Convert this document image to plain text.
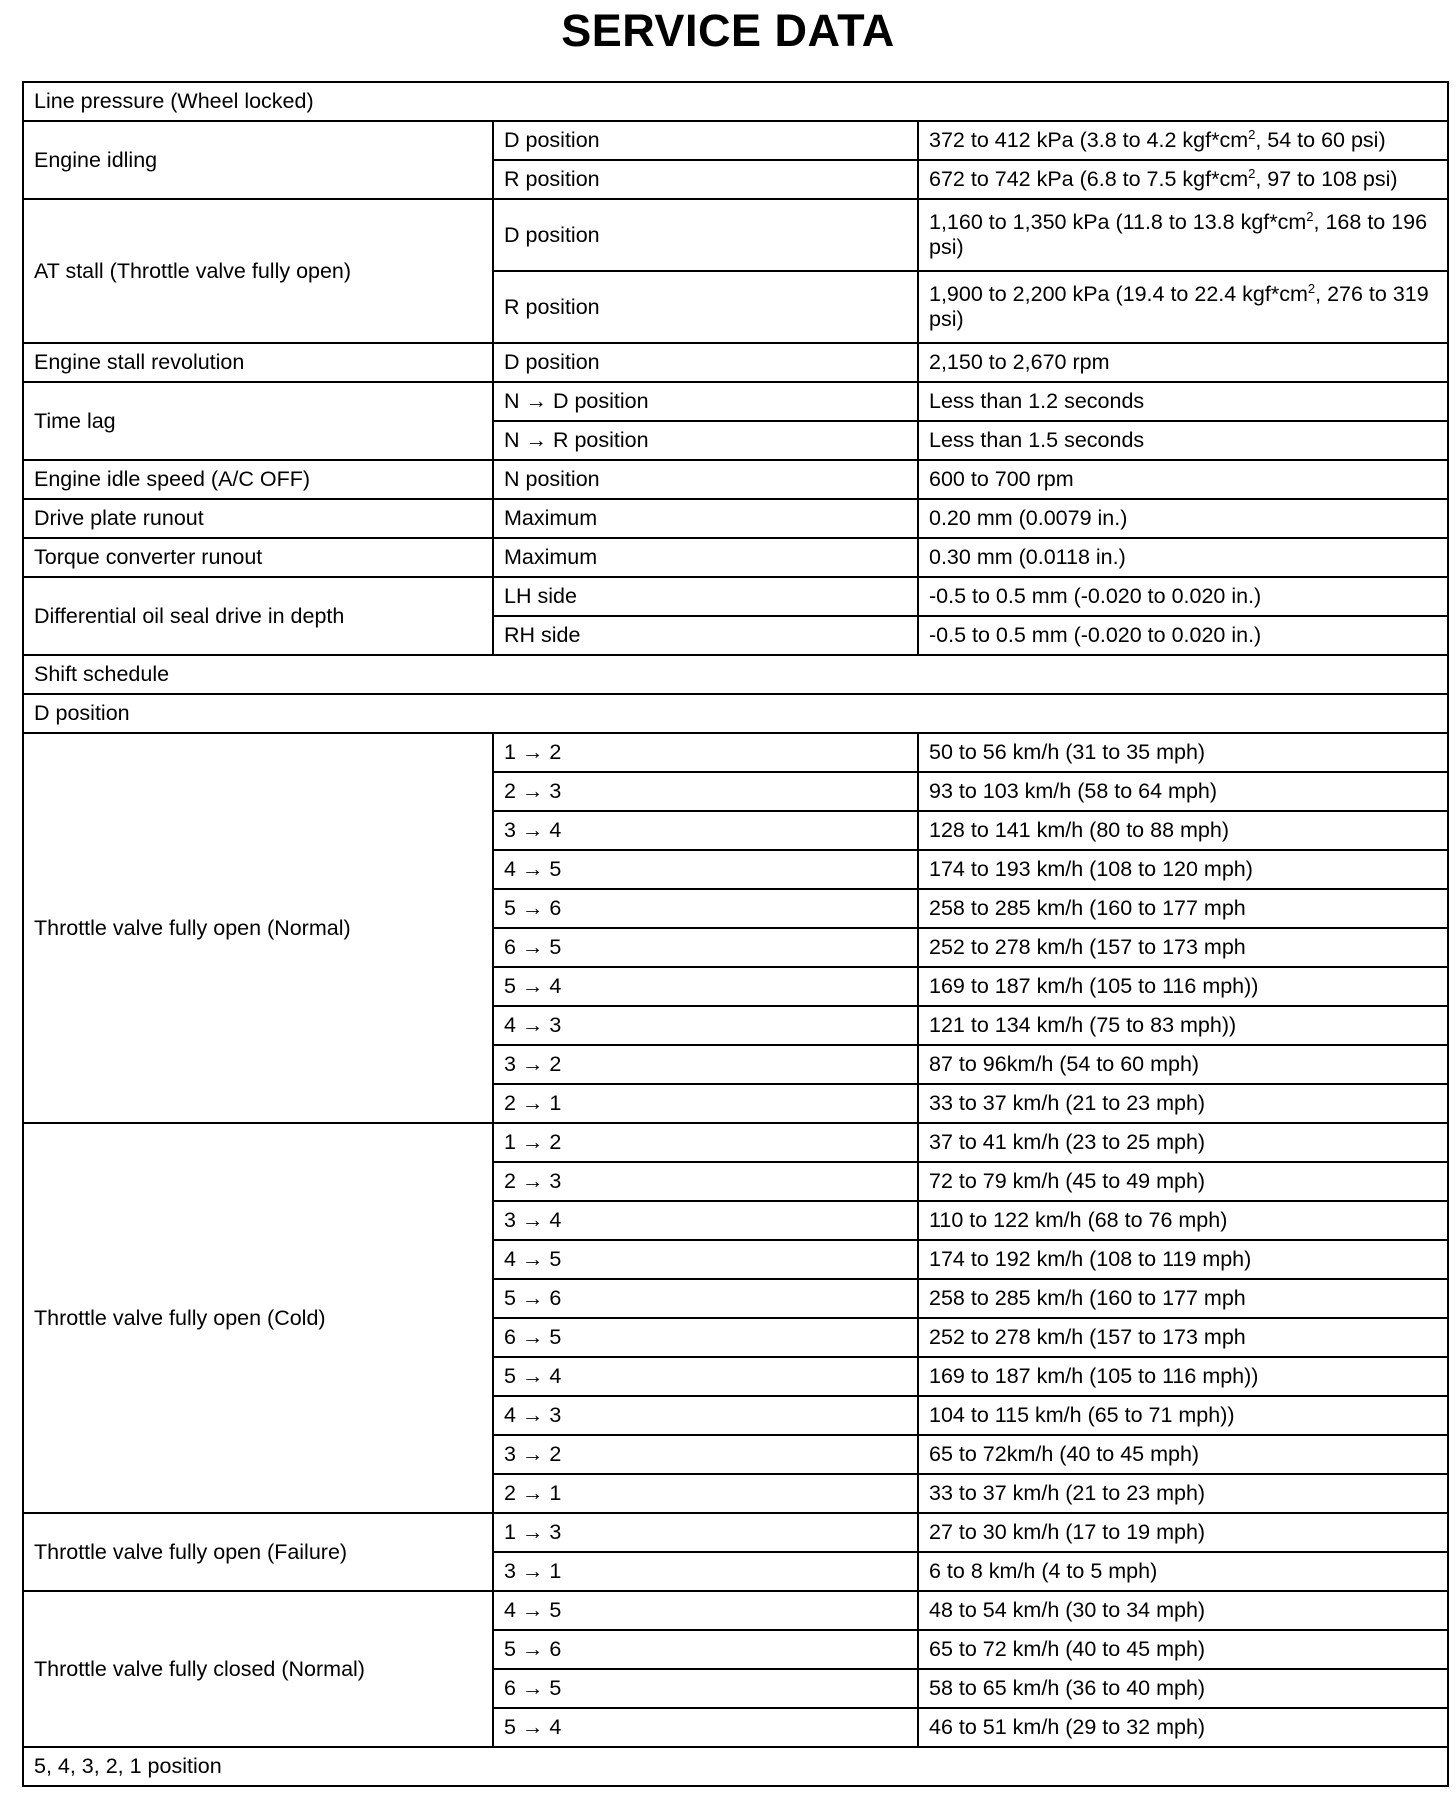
SERVICE DATA
Line pressure (Wheel locked)		
Engine idling	D position	372 to 412 kPa (3.8 to 4.2 $kgf*cm^2$, 54 to 60 psi)
	R position	672 to 742 kPa (6.8 to 7.5 $kgf*cm^2$, 97 to 108 psi)
AT stall (Throttle valve fully open)	D position	1,160 to 1,350 kPa (11.8 to 13.8 $kgf*cm^2$, 168 to 196 psi)
	R position	1,900 to 2,200 kPa (19.4 to 22.4 $kgf*cm^2$, 276 to 319 psi)
Engine stall revolution	D position	2,150 to 2,670 rpm
Time lag	N → D position	Less than 1.2 seconds
	N → R position	Less than 1.5 seconds
Engine idle speed (A/C OFF)	N position	600 to 700 rpm
Drive plate runout	Maximum	0.20 mm (0.0079 in.)
Torque converter runout	Maximum	0.30 mm (0.0118 in.)
Differential oil seal drive in depth	LH side	-0.5 to 0.5 mm (-0.020 to 0.020 in.)
	RH side	-0.5 to 0.5 mm (-0.020 to 0.020 in.)
Shift schedule		
D position		
Throttle valve fully open (Normal)	1 → 2	50 to 56 km/h (31 to 35 mph)
	2 → 3	93 to 103 km/h (58 to 64 mph)
	3 → 4	128 to 141 km/h (80 to 88 mph)
	4 → 5	174 to 193 km/h (108 to 120 mph)
	5 → 6	258 to 285 km/h (160 to 177 mph
	6 → 5	252 to 278 km/h (157 to 173 mph
	5 → 4	169 to 187 km/h (105 to 116 mph))
	4 → 3	121 to 134 km/h (75 to 83 mph))
	3 → 2	87 to 96km/h (54 to 60 mph)
	2 → 1	33 to 37 km/h (21 to 23 mph)
Throttle valve fully open (Cold)	1 → 2	37 to 41 km/h (23 to 25 mph)
	2 → 3	72 to 79 km/h (45 to 49 mph)
	3 → 4	110 to 122 km/h (68 to 76 mph)
	4 → 5	174 to 192 km/h (108 to 119 mph)
	5 → 6	258 to 285 km/h (160 to 177 mph
	6 → 5	252 to 278 km/h (157 to 173 mph
	5 → 4	169 to 187 km/h (105 to 116 mph))
	4 → 3	104 to 115 km/h (65 to 71 mph))
	3 → 2	65 to 72km/h (40 to 45 mph)
	2 → 1	33 to 37 km/h (21 to 23 mph)
Throttle valve fully open (Failure)	1 → 3	27 to 30 km/h (17 to 19 mph)
	3 → 1	6 to 8 km/h (4 to 5 mph)
Throttle valve fully closed (Normal)	4 → 5	48 to 54 km/h (30 to 34 mph)
	5 → 6	65 to 72 km/h (40 to 45 mph)
	6 → 5	58 to 65 km/h (36 to 40 mph)
	5 → 4	46 to 51 km/h (29 to 32 mph)
5, 4, 3, 2, 1 position		
